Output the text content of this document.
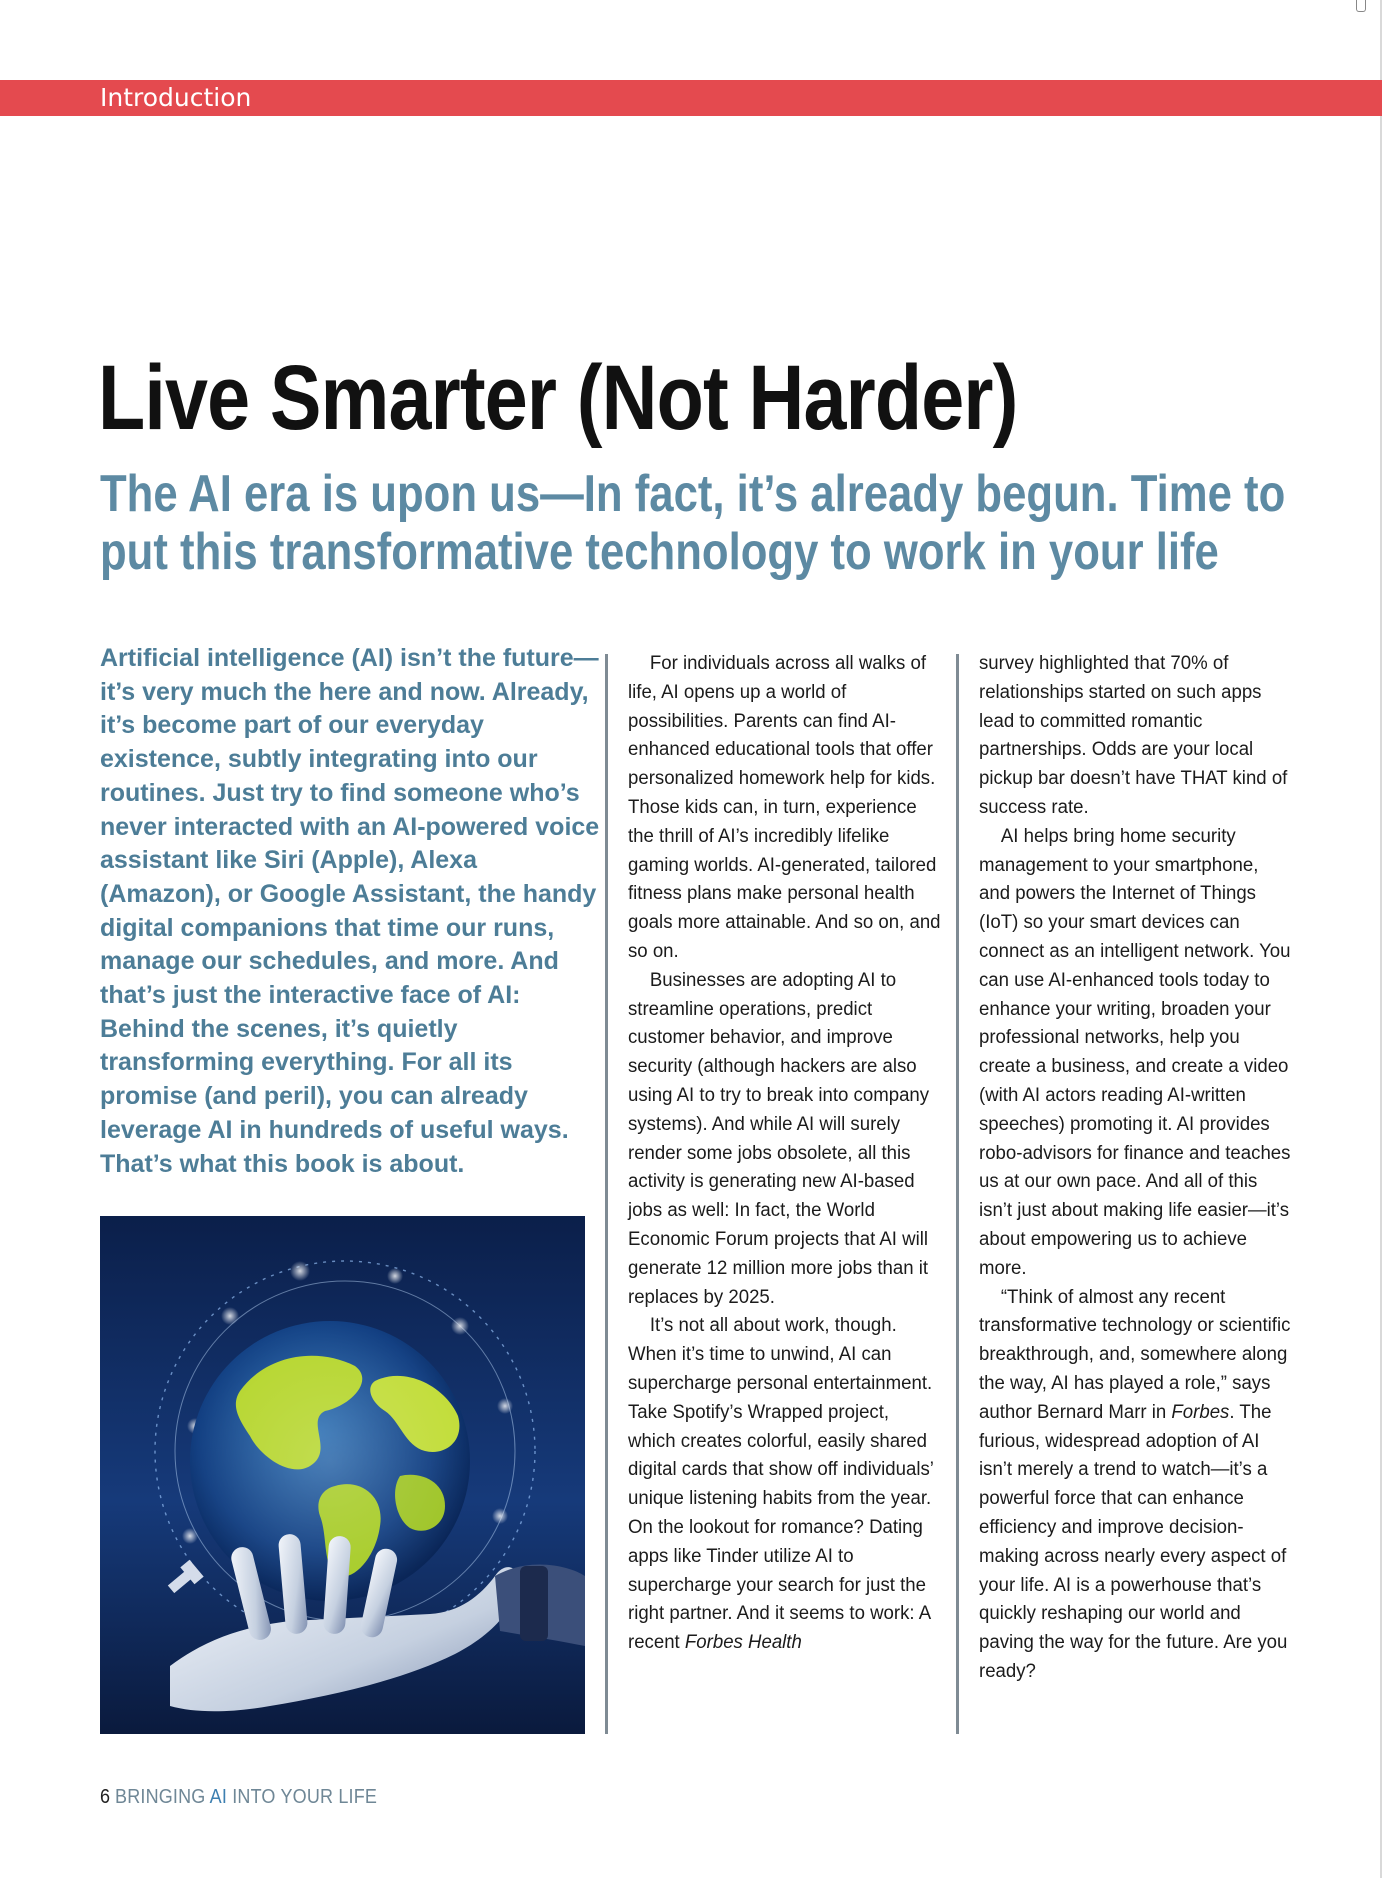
Introduction
Live Smarter (Not Harder)
The AI era is upon us—In fact, it’s already begun. Time to put this transformative technology to work in your life

Artificial intelligence (AI) isn’t the future—it’s very much the here and now. Already, it’s become part of our everyday existence, subtly integrating into our routines. Just try to find someone who’s never interacted with an AI-powered voice assistant like Siri (Apple), Alexa (Amazon), or Google Assistant, the handy digital companions that time our runs, manage our schedules, and more. And that’s just the interactive face of AI: Behind the scenes, it’s quietly transforming everything. For all its promise (and peril), you can already leverage AI in hundreds of useful ways. That’s what this book is about.

For individuals across all walks of life, AI opens up a world of possibilities. Parents can find AI-enhanced educational tools that offer personalized homework help for kids. Those kids can, in turn, experience the thrill of AI’s incredibly lifelike gaming worlds. AI-generated, tailored fitness plans make personal health goals more attainable. And so on, and so on.

Businesses are adopting AI to streamline operations, predict customer behavior, and improve security (although hackers are also using AI to try to break into company systems). And while AI will surely render some jobs obsolete, all this activity is generating new AI-based jobs as well: In fact, the World Economic Forum projects that AI will generate 12 million more jobs than it replaces by 2025.

It’s not all about work, though. When it’s time to unwind, AI can supercharge personal entertainment. Take Spotify’s Wrapped project, which creates colorful, easily shared digital cards that show off individuals’ unique listening habits from the year. On the lookout for romance? Dating apps like Tinder utilize AI to supercharge your search for just the right partner. And it seems to work: A recent Forbes Health

survey highlighted that 70% of relationships started on such apps lead to committed romantic partnerships. Odds are your local pickup bar doesn’t have THAT kind of success rate.

AI helps bring home security management to your smartphone, and powers the Internet of Things (IoT) so your smart devices can connect as an intelligent network. You can use AI-enhanced tools today to enhance your writing, broaden your professional networks, help you create a business, and create a video (with AI actors reading AI-written speeches) promoting it. AI provides robo-advisors for finance and teaches us at our own pace. And all of this isn’t just about making life easier—it’s about empowering us to achieve more.

“Think of almost any recent transformative technology or scientific breakthrough, and, somewhere along the way, AI has played a role,” says author Bernard Marr in Forbes. The furious, widespread adoption of AI isn’t merely a trend to watch—it’s a powerful force that can enhance efficiency and improve decision-making across nearly every aspect of your life. AI is a powerhouse that’s quickly reshaping our world and paving the way for the future. Are you ready?

6 BRINGING AI INTO YOUR LIFE
